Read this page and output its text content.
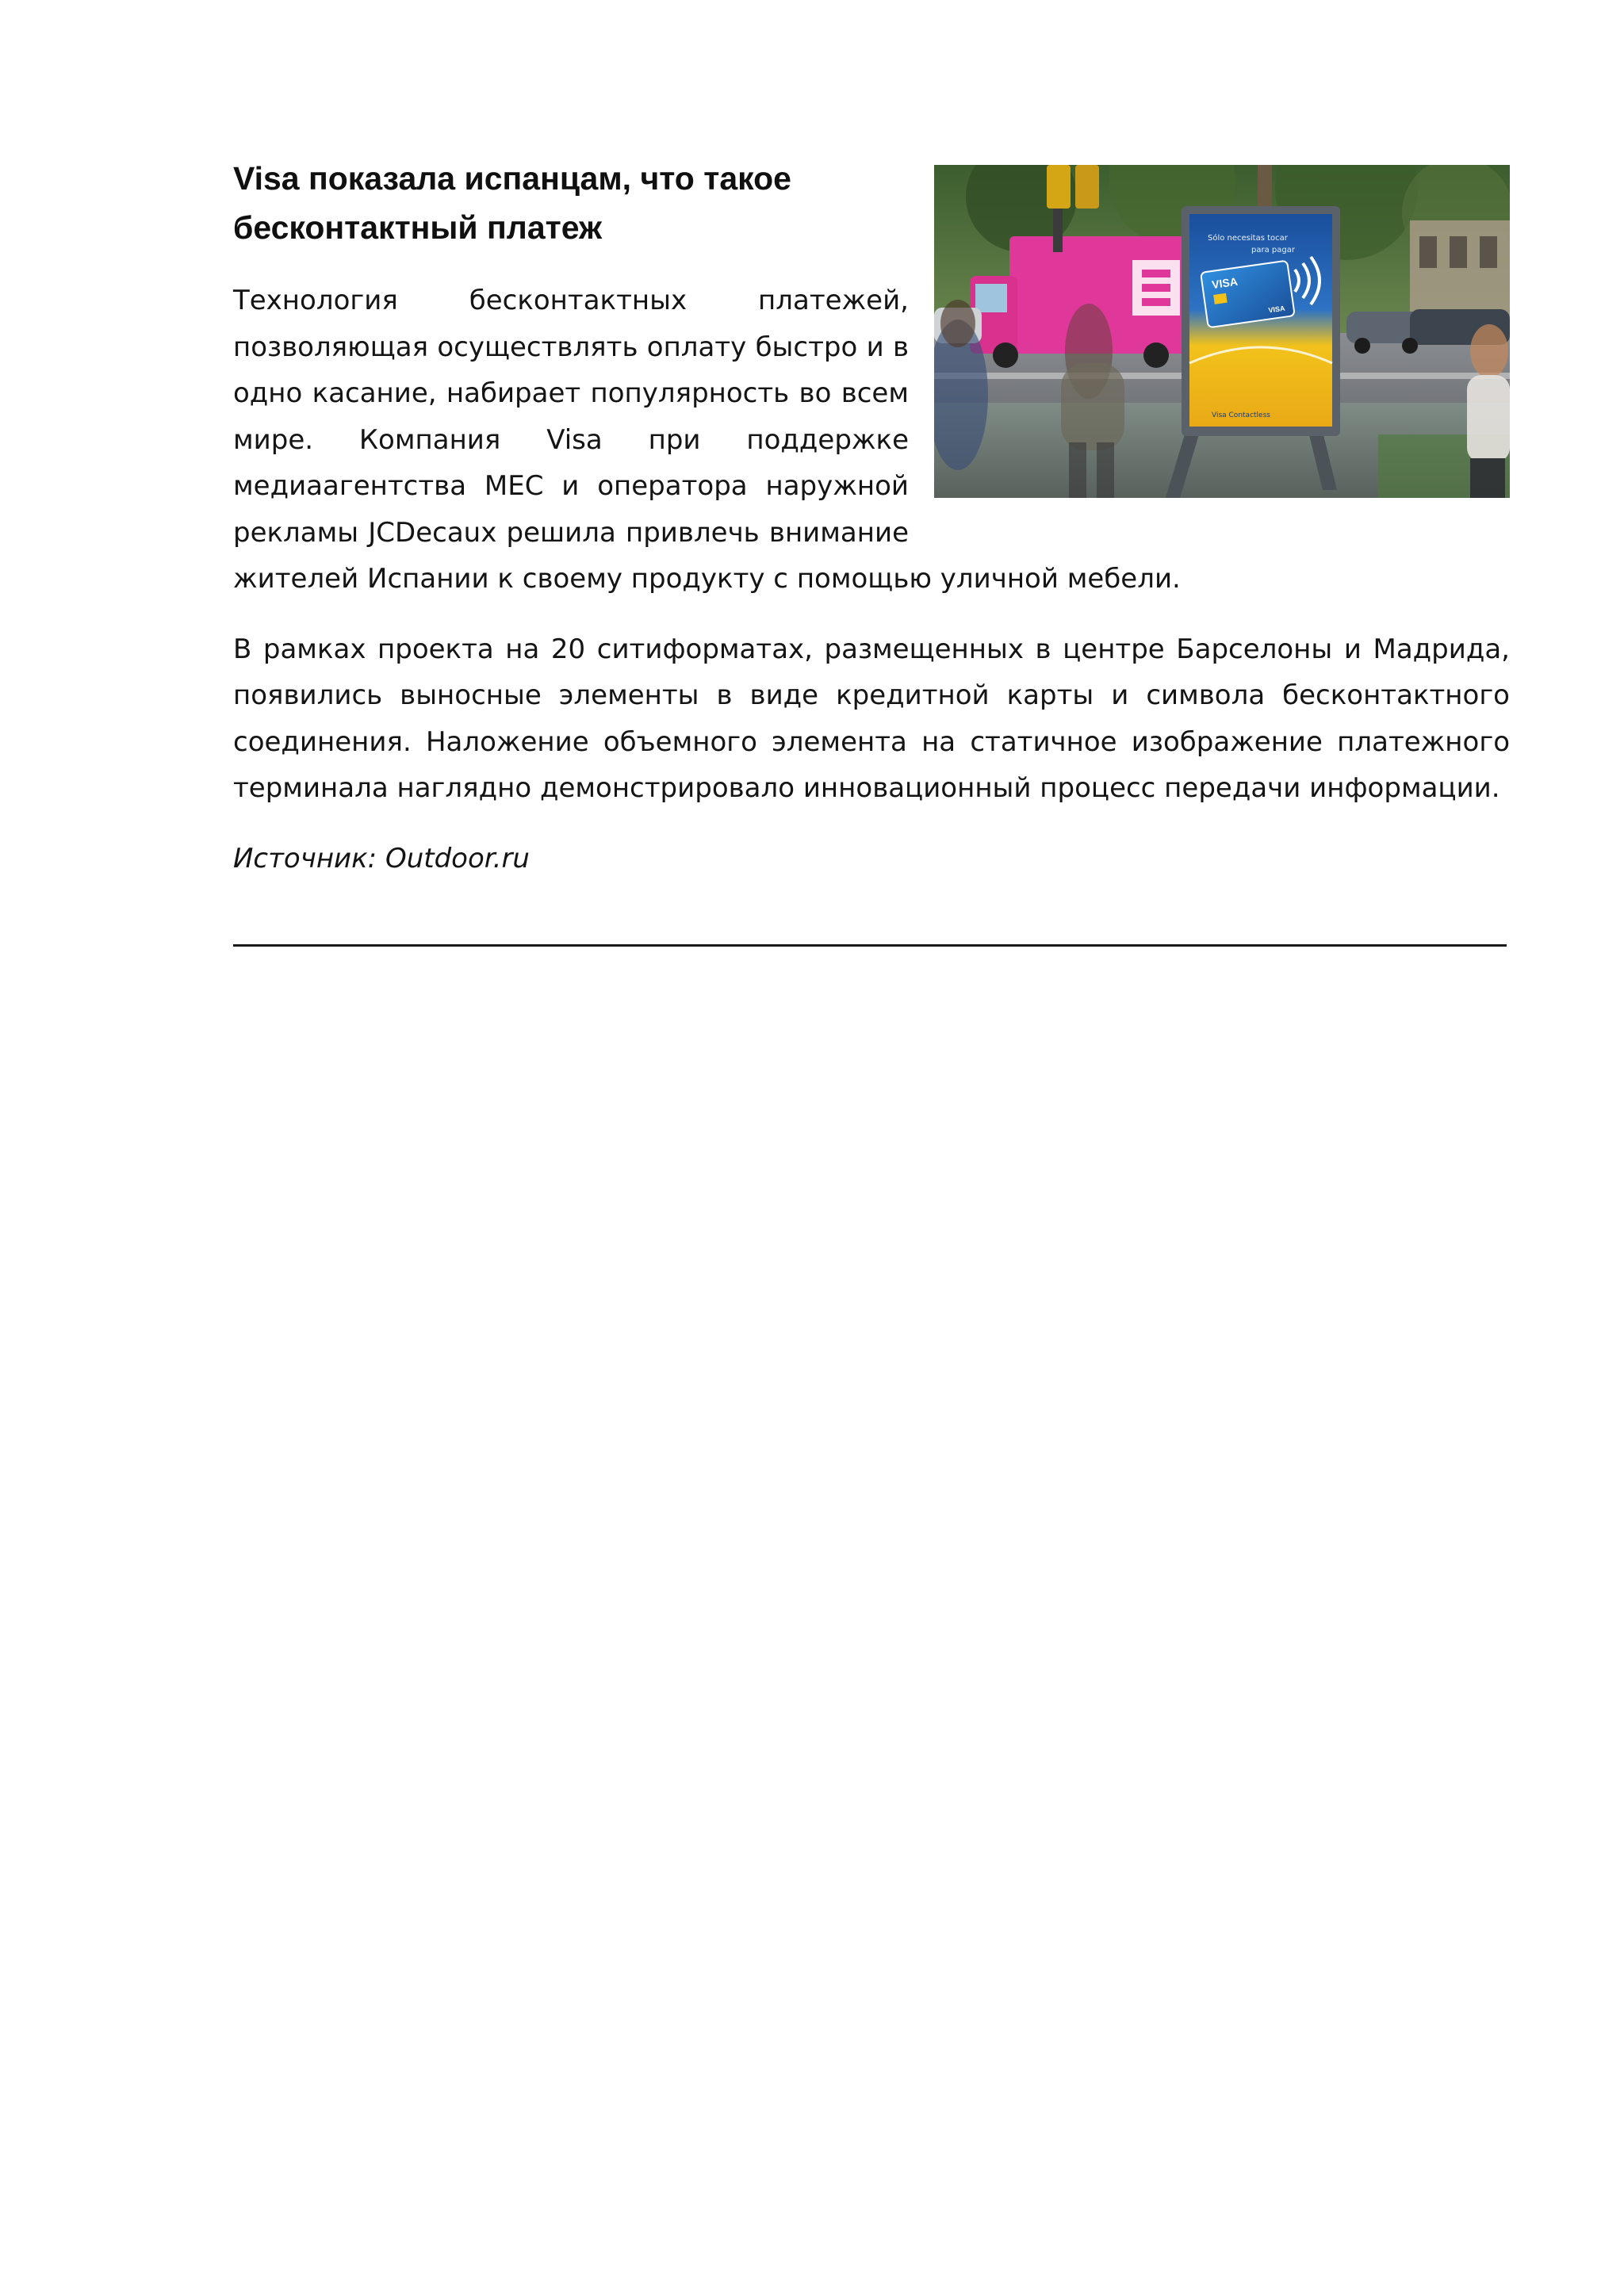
Sólo necesitas tocar
para pagar
VISA
VISA
Visa Contactless
Visa показала испанцам, что такое бесконтактный платеж

Технология бесконтактных платежей, позволяющая осуществлять оплату быстро и в одно касание, набирает популярность во всем мире. Компания Visa при поддержке медиаагентства MEC и оператора наружной рекламы JCDecaux решила привлечь внимание жителей Испании к своему продукту с помощью уличной мебели.

В рамках проекта на 20 ситиформатах, размещенных в центре Барселоны и Мадрида, появились выносные элементы в виде кредитной карты и символа бесконтактного соединения. Наложение объемного элемента на статичное изображение платежного терминала наглядно демонстрировало инновационный процесс передачи информации.

Источник: Outdoor.ru
